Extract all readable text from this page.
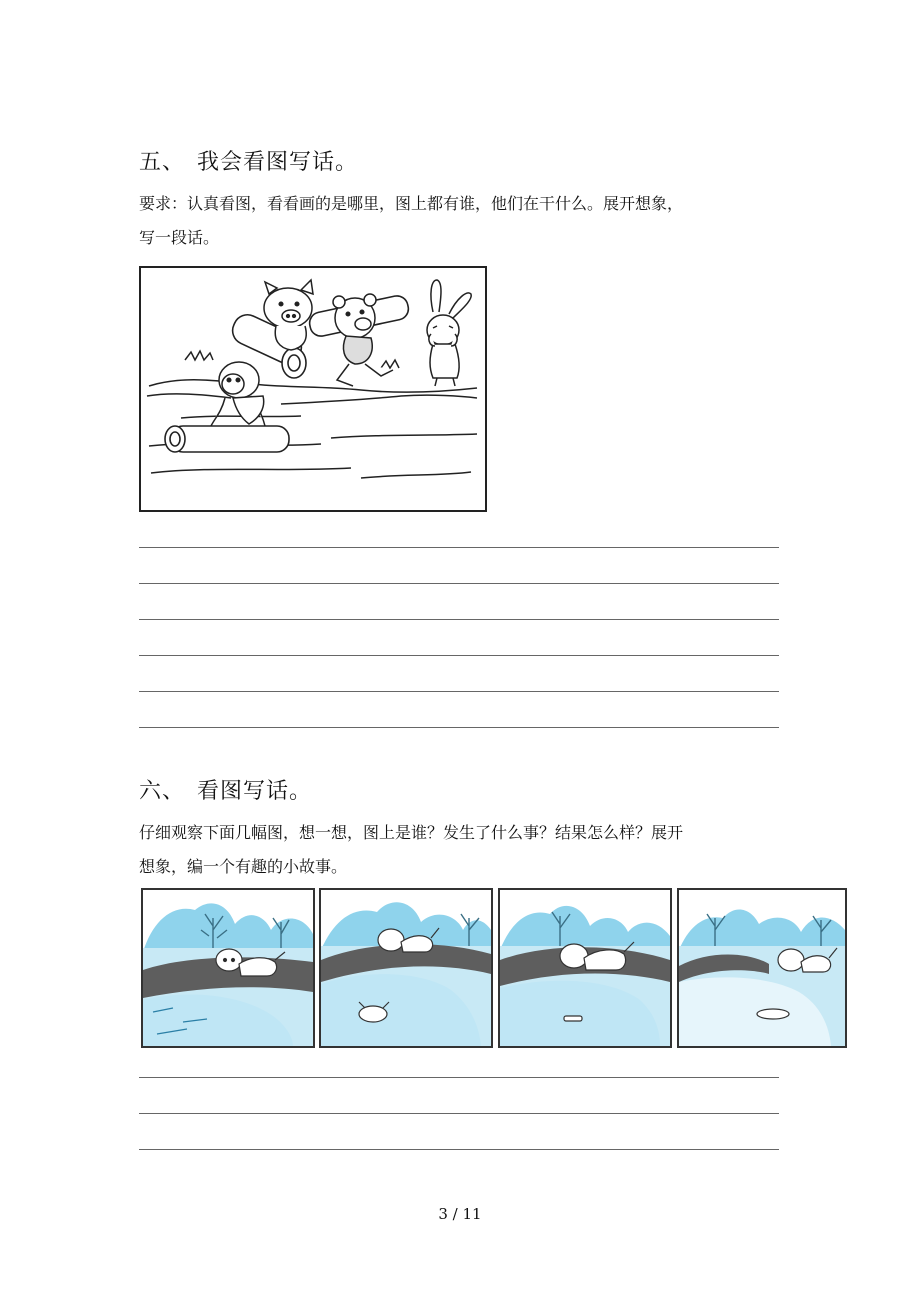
五、 我会看图写话。
要求：认真看图，看看画的是哪里，图上都有谁，他们在干什么。展开想象，
写一段话。
六、 看图写话。
仔细观察下面几幅图，想一想，图上是谁？发生了什么事？结果怎么样？展开
想象，编一个有趣的小故事。
3 / 11
